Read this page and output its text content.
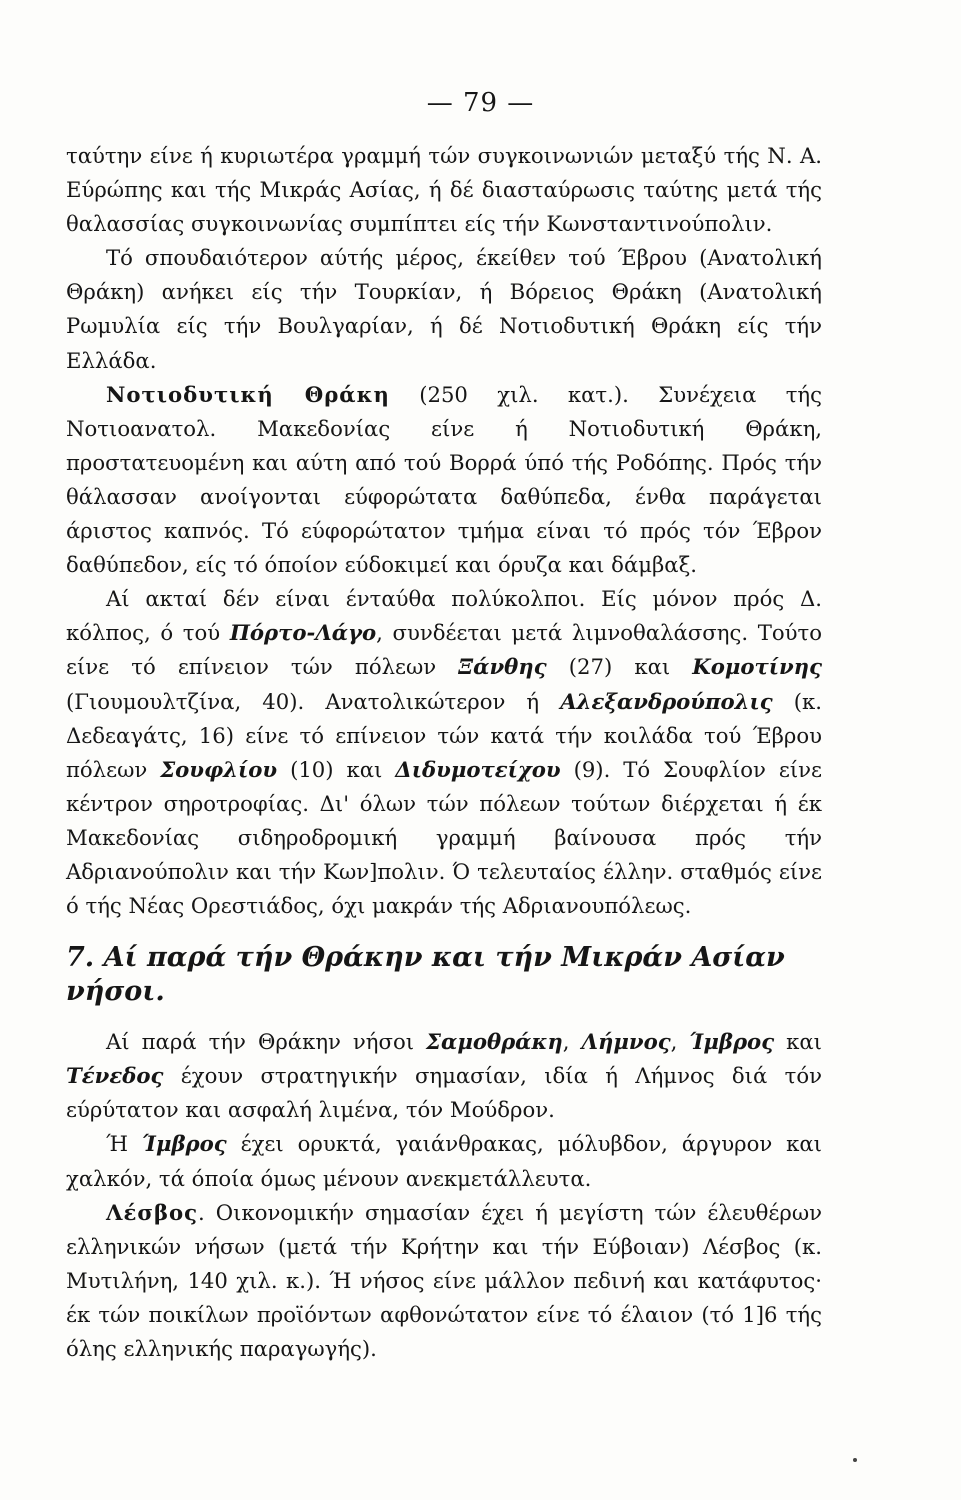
— 79 —

ταύτην είνε ή κυριωτέρα γραμμή τών συγκοινωνιών μεταξύ τής Ν. Α. Εύρώπης και τής Μικράς Ασίας, ή δέ διασταύρωσις ταύτης μετά τής θαλασσίας συγκοινωνίας συμπίπτει είς τήν Κωνσταντινούπολιν.

Τό σπουδαιότερον αύτής μέρος, έκείθεν τού Έβρου (Ανατολική Θράκη) ανήκει είς τήν Τουρκίαν, ή Βόρειος Θράκη (Ανατολική Ρωμυλία είς τήν Βουλγαρίαν, ή δέ Νοτιοδυτική Θράκη είς τήν Ελλάδα.

Νοτιοδυτική Θράκη (250 χιλ. κατ.). Συνέχεια τής Νοτιοανατολ. Μακεδονίας είνε ή Νοτιοδυτική Θράκη, προστατευομένη και αύτη από τού Βορρά ύπό τής Ροδόπης. Πρός τήν θάλασσαν ανοίγονται εύφορώτατα δαθύπεδα, ένθα παράγεται άριστος καπνός. Τό εύφορώτατον τμήμα είναι τό πρός τόν Έβρον δαθύπεδον, είς τό όποίον εύδοκιμεί και όρυζα και δάμβαξ.

Αί ακταί δέν είναι ένταύθα πολύκολποι. Είς μόνον πρός Δ. κόλπος, ό τού Πόρτο-Λάγο, συνδέεται μετά λιμνοθαλάσσης. Τούτο είνε τό επίνειον τών πόλεων Ξάνθης (27) και Κομοτίνης (Γιουμουλτζίνα, 40). Ανατολικώτερον ή Αλεξανδρούπολις (κ. Δεδεαγάτς, 16) είνε τό επίνειον τών κατά τήν κοιλάδα τού Έβρου πόλεων Σουφλίου (10) και Διδυμοτείχου (9). Τό Σουφλίον είνε κέντρον σηροτροφίας. Δι' όλων τών πόλεων τούτων διέρχεται ή έκ Μακεδονίας σιδηροδρομική γραμμή βαίνουσα πρός τήν Αδριανούπολιν και τήν Κων]πολιν. Ό τελευταίος έλλην. σταθμός είνε ό τής Νέας Ορεστιάδος, όχι μακράν τής Αδριανουπόλεως.

7. Αί παρά τήν Θράκην και τήν Μικράν Ασίαν νήσοι.

Αί παρά τήν Θράκην νήσοι Σαμοθράκη, Λήμνος, Ίμβρος και Τένεδος έχουν στρατηγικήν σημασίαν, ιδία ή Λήμνος διά τόν εύρύτατον και ασφαλή λιμένα, τόν Μούδρον.

Ή Ίμβρος έχει ορυκτά, γαιάνθρακας, μόλυβδον, άργυρον και χαλκόν, τά όποία όμως μένουν ανεκμετάλλευτα.

Λέσβος. Οικονομικήν σημασίαν έχει ή μεγίστη τών έλευθέρων ελληνικών νήσων (μετά τήν Κρήτην και τήν Εύβοιαν) Λέσβος (κ. Μυτιλήνη, 140 χιλ. κ.). Ή νήσος είνε μάλλον πεδινή και κατάφυτος· έκ τών ποικίλων προϊόντων αφθονώτατον είνε τό έλαιον (τό 1]6 τής όλης ελληνικής παραγωγής).
